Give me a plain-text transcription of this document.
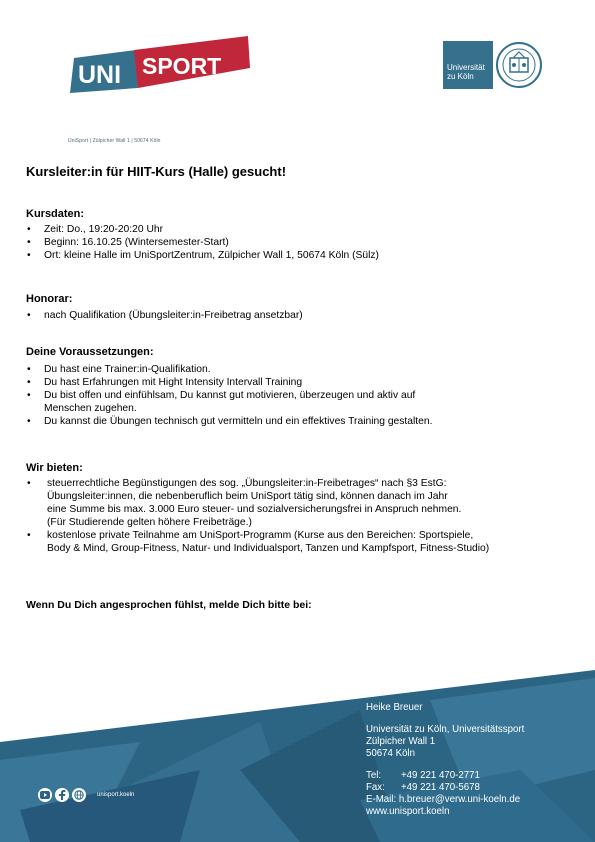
UNI SPORT
UniSport | Zülpicher Wall 1 | 50674 Köln
Universität
zu Köln
Kursleiter:in für HIIT-Kurs (Halle) gesucht!
Kursdaten:
• Zeit: Do., 19:20-20:20 Uhr
• Beginn: 16.10.25 (Wintersemester-Start)
• Ort: kleine Halle im UniSportZentrum, Zülpicher Wall 1, 50674 Köln (Sülz)
Honorar:
• nach Qualifikation (Übungsleiter:in-Freibetrag ansetzbar)
Deine Voraussetzungen:
• Du hast eine Trainer:in-Qualifikation.
• Du hast Erfahrungen mit Hight Intensity Intervall Training
• Du bist offen und einfühlsam, Du kannst gut motivieren, überzeugen und aktiv auf
Menschen zugehen.
• Du kannst die Übungen technisch gut vermitteln und ein effektives Training gestalten.
Wir bieten:
• steuerrechtliche Begünstigungen des sog. „Übungsleiter:in-Freibetrages“ nach §3 EstG:
Übungsleiter:innen, die nebenberuflich beim UniSport tätig sind, können danach im Jahr
eine Summe bis max. 3.000 Euro steuer- und sozialversicherungsfrei in Anspruch nehmen.
(Für Studierende gelten höhere Freibeträge.)
• kostenlose private Teilnahme am UniSport-Programm (Kurse aus den Bereichen: Sportspiele,
Body & Mind, Group-Fitness, Natur- und Individualsport, Tanzen und Kampfsport, Fitness-Studio)
Wenn Du Dich angesprochen fühlst, melde Dich bitte bei:
Heike Breuer
Universität zu Köln, Universitätssport
Zülpicher Wall 1
50674 Köln
Tel:	+49 221 470-2771
Fax:	+49 221 470-5678
E-Mail: h.breuer@verw.uni-koeln.de
www.unisport.koeln
unisport.koeln
